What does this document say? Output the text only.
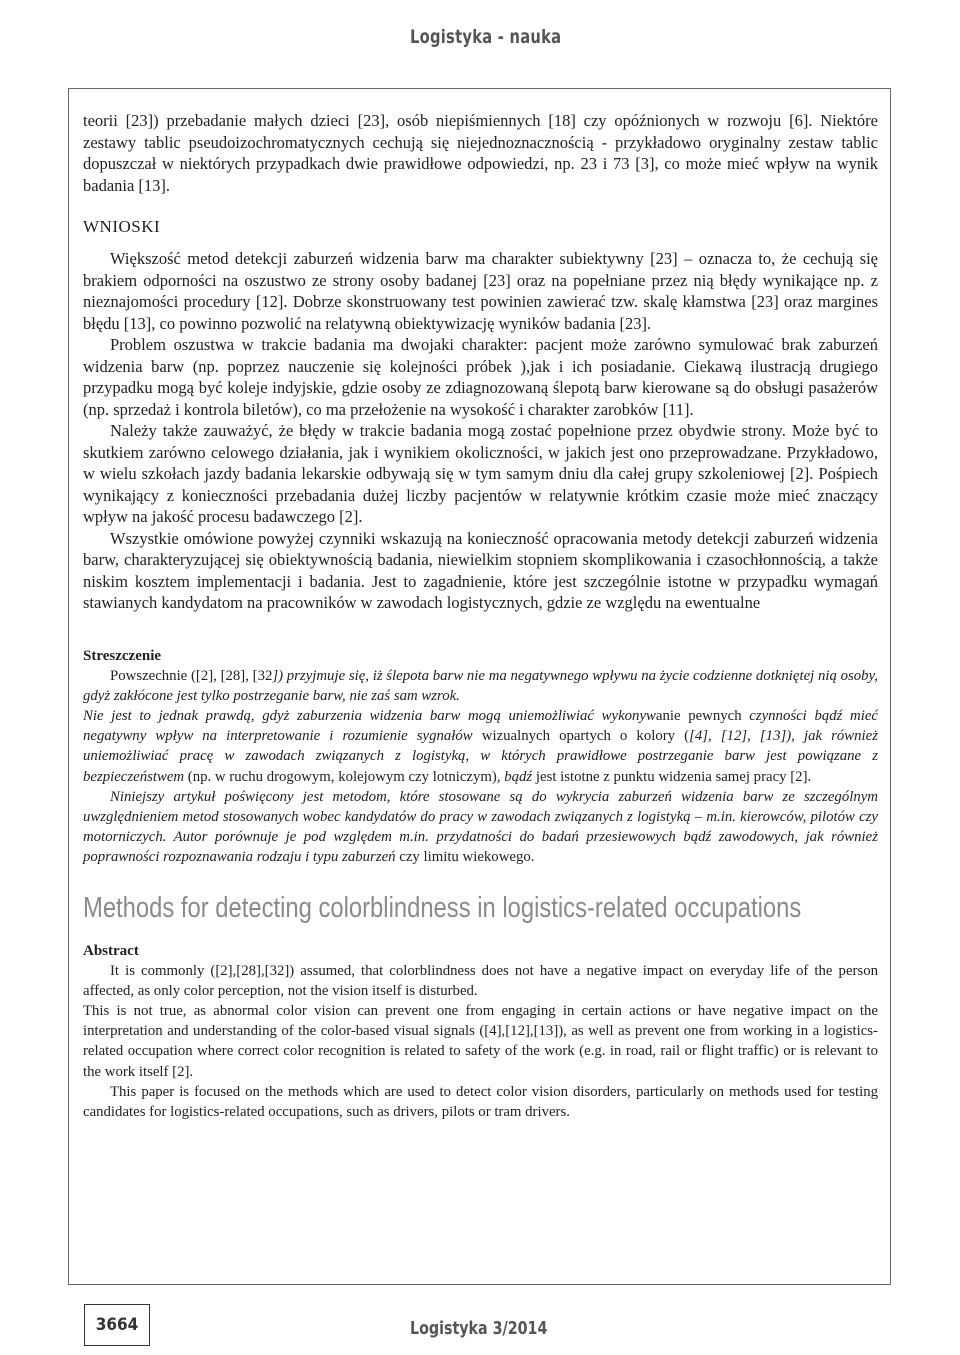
Logistyka - nauka

teorii [23]) przebadanie małych dzieci [23], osób niepiśmiennych [18] czy opóźnionych w rozwoju [6]. Niektóre zestawy tablic pseudoizochromatycznych cechują się niejednoznacznością - przykładowo oryginalny zestaw tablic dopuszczał w niektórych przypadkach dwie prawidłowe odpowiedzi, np. 23 i 73 [3], co może mieć wpływ na wynik badania [13].

WNIOSKI

Większość metod detekcji zaburzeń widzenia barw ma charakter subiektywny [23] – oznacza to, że cechują się brakiem odporności na oszustwo ze strony osoby badanej [23] oraz na popełniane przez nią błędy wynikające np. z nieznajomości procedury [12]. Dobrze skonstruowany test powinien zawierać tzw. skalę kłamstwa [23] oraz margines błędu [13], co powinno pozwolić na relatywną obiektywizację wyników badania [23].

Problem oszustwa w trakcie badania ma dwojaki charakter: pacjent może zarówno symulować brak zaburzeń widzenia barw (np. poprzez nauczenie się kolejności próbek ),jak i ich posiadanie. Ciekawą ilustracją drugiego przypadku mogą być koleje indyjskie, gdzie osoby ze zdiagnozowaną ślepotą barw kierowane są do obsługi pasażerów (np. sprzedaż i kontrola biletów), co ma przełożenie na wysokość i charakter zarobków [11].

Należy także zauważyć, że błędy w trakcie badania mogą zostać popełnione przez obydwie strony. Może być to skutkiem zarówno celowego działania, jak i wynikiem okoliczności, w jakich jest ono przeprowadzane. Przykładowo, w wielu szkołach jazdy badania lekarskie odbywają się w tym samym dniu dla całej grupy szkoleniowej [2]. Pośpiech wynikający z konieczności przebadania dużej liczby pacjentów w relatywnie krótkim czasie może mieć znaczący wpływ na jakość procesu badawczego [2].

Wszystkie omówione powyżej czynniki wskazują na konieczność opracowania metody detekcji zaburzeń widzenia barw, charakteryzującej się obiektywnością badania, niewielkim stopniem skomplikowania i czasochłonnością, a także niskim kosztem implementacji i badania. Jest to zagadnienie, które jest szczególnie istotne w przypadku wymagań stawianych kandydatom na pracowników w zawodach logistycznych, gdzie ze względu na ewentualne

Streszczenie

Powszechnie ([2], [28], [32]) przyjmuje się, iż ślepota barw nie ma negatywnego wpływu na życie codzienne dotkniętej nią osoby, gdyż zakłócone jest tylko postrzeganie barw, nie zaś sam wzrok.

Nie jest to jednak prawdą, gdyż zaburzenia widzenia barw mogą uniemożliwiać wykonywanie pewnych czynności bądź mieć negatywny wpływ na interpretowanie i rozumienie sygnałów wizualnych opartych o kolory ([4], [12], [13]), jak również uniemożliwiać pracę w zawodach związanych z logistyką, w których prawidłowe postrzeganie barw jest powiązane z bezpieczeństwem (np. w ruchu drogowym, kolejowym czy lotniczym), bądź jest istotne z punktu widzenia samej pracy [2].

Niniejszy artykuł poświęcony jest metodom, które stosowane są do wykrycia zaburzeń widzenia barw ze szczególnym uwzględnieniem metod stosowanych wobec kandydatów do pracy w zawodach związanych z logistyką – m.in. kierowców, pilotów czy motorniczych. Autor porównuje je pod względem m.in. przydatności do badań przesiewowych bądź zawodowych, jak również poprawności rozpoznawania rodzaju i typu zaburzeń czy limitu wiekowego.

Methods for detecting colorblindness in logistics-related occupations

Abstract

It is commonly ([2],[28],[32]) assumed, that colorblindness does not have a negative impact on everyday life of the person affected, as only color perception, not the vision itself is disturbed.

This is not true, as abnormal color vision can prevent one from engaging in certain actions or have negative impact on the interpretation and understanding of the color-based visual signals ([4],[12],[13]), as well as prevent one from working in a logistics-related occupation where correct color recognition is related to safety of the work (e.g. in road, rail or flight traffic) or is relevant to the work itself [2].

This paper is focused on the methods which are used to detect color vision disorders, particularly on methods used for testing candidates for logistics-related occupations, such as drivers, pilots or tram drivers.

3664	Logistyka 3/2014
